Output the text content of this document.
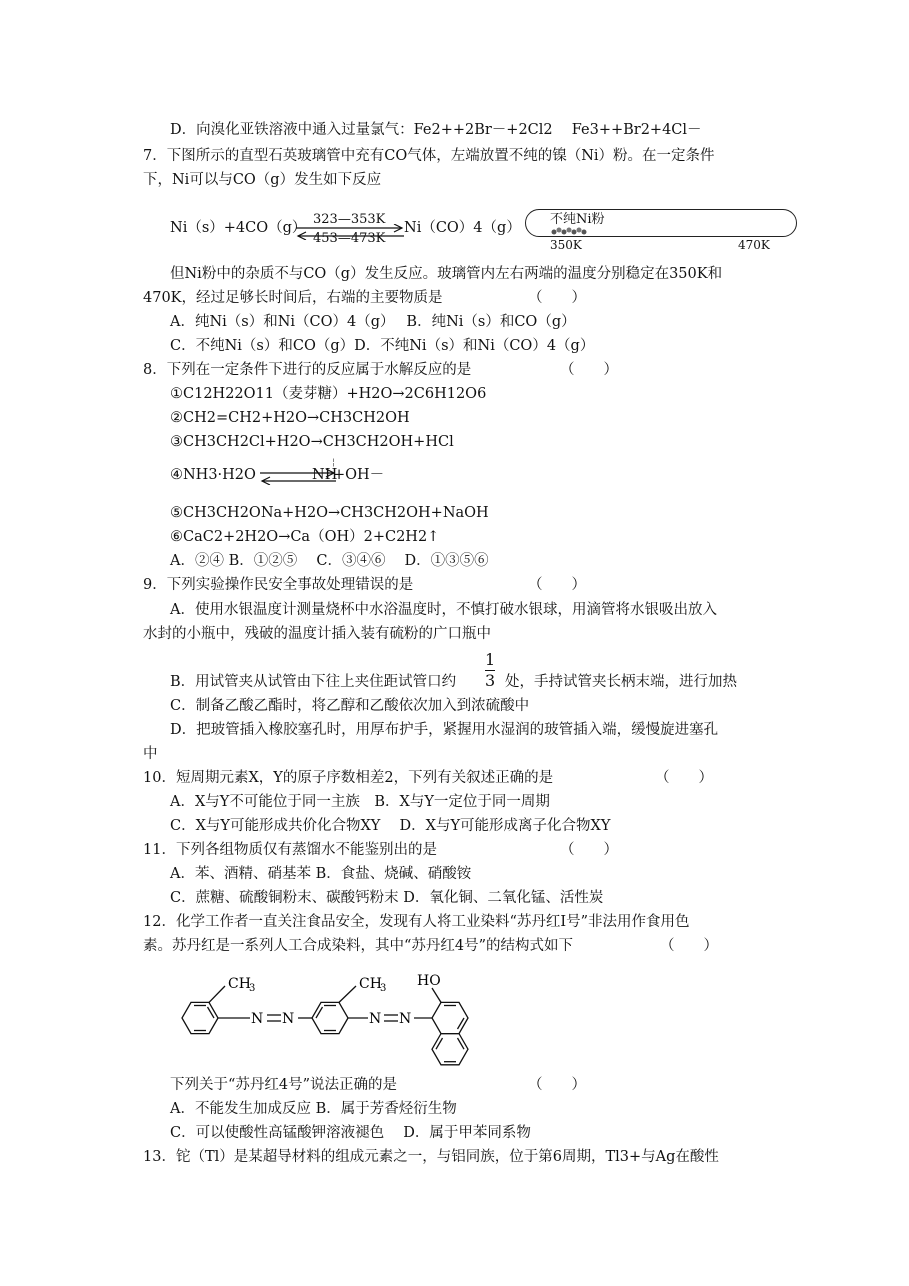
D．向溴化亚铁溶液中通入过量氯气：Fe2++2Br－+2Cl2　 Fe3++Br2+4Cl－
7．下图所示的直型石英玻璃管中充有CO气体，左端放置不纯的镍（Ni）粉。在一定条件
下，Ni可以与CO（g）发生如下反应
Ni（s）+4CO（g）
323—353K
453—473K
Ni（CO）4（g）
不纯Ni粉
350K	470K
但Ni粉中的杂质不与CO（g）发生反应。玻璃管内左右两端的温度分别稳定在350K和
470K，经过足够长时间后，右端的主要物质是	（　　）
A．纯Ni（s）和Ni（CO）4（g）　 B．纯Ni（s）和CO（g）
C．不纯Ni（s）和CO（g）D．不纯Ni（s）和Ni（CO）4（g）
8．下列在一定条件下进行的反应属于水解反应的是	（　　）
①C12H22O11（麦芽糖）+H2O→2C6H12O6
②CH2=CH2+H2O→CH3CH2OH
③CH3CH2Cl+H2O→CH3CH2OH+HCl
④NH3·H2O	NH
¦
+OH－
⑤CH3CH2ONa+H2O→CH3CH2OH+NaOH
⑥CaC2+2H2O→Ca（OH）2+C2H2↑
A．②④ B．①②⑤　 C．③④⑥　 D．①③⑤⑥
9．下列实验操作民安全事故处理错误的是	（　　）
A．使用水银温度计测量烧杯中水浴温度时，不慎打破水银球，用滴管将水银吸出放入
水封的小瓶中，残破的温度计插入装有硫粉的广口瓶中
1
3
B．用试管夹从试管由下往上夹住距试管口约	处，手持试管夹长柄末端，进行加热
C．制备乙酸乙酯时，将乙醇和乙酸依次加入到浓硫酸中
D．把玻管插入橡胶塞孔时，用厚布护手，紧握用水湿润的玻管插入端，缓慢旋进塞孔
中
10．短周期元素X，Y的原子序数相差2，下列有关叙述正确的是	（　　）
A．X与Y不可能位于同一主族　B．X与Y一定位于同一周期
C．X与Y可能形成共价化合物XY　 D．X与Y可能形成离子化合物XY
11．下列各组物质仅有蒸馏水不能鉴别出的是	（　　）
A．苯、酒精、硝基苯 B．食盐、烧碱、硝酸铵
C．蔗糖、硫酸铜粉末、碳酸钙粉末 D．氧化铜、二氧化锰、活性炭
12．化学工作者一直关注食品安全，发现有人将工业染料“苏丹红Ⅰ号”非法用作食用色
素。苏丹红是一系列人工合成染料，其中“苏丹红4号”的结构式如下	（　　）
CH
3	CH
3 HO
N N	N N
下列关于“苏丹红4号”说法正确的是	（　　）
A．不能发生加成反应 B．属于芳香烃衍生物
C．可以使酸性高锰酸钾溶液褪色　 D．属于甲苯同系物
13．铊（Tl）是某超导材料的组成元素之一，与铝同族，位于第6周期，Tl3+与Ag在酸性
